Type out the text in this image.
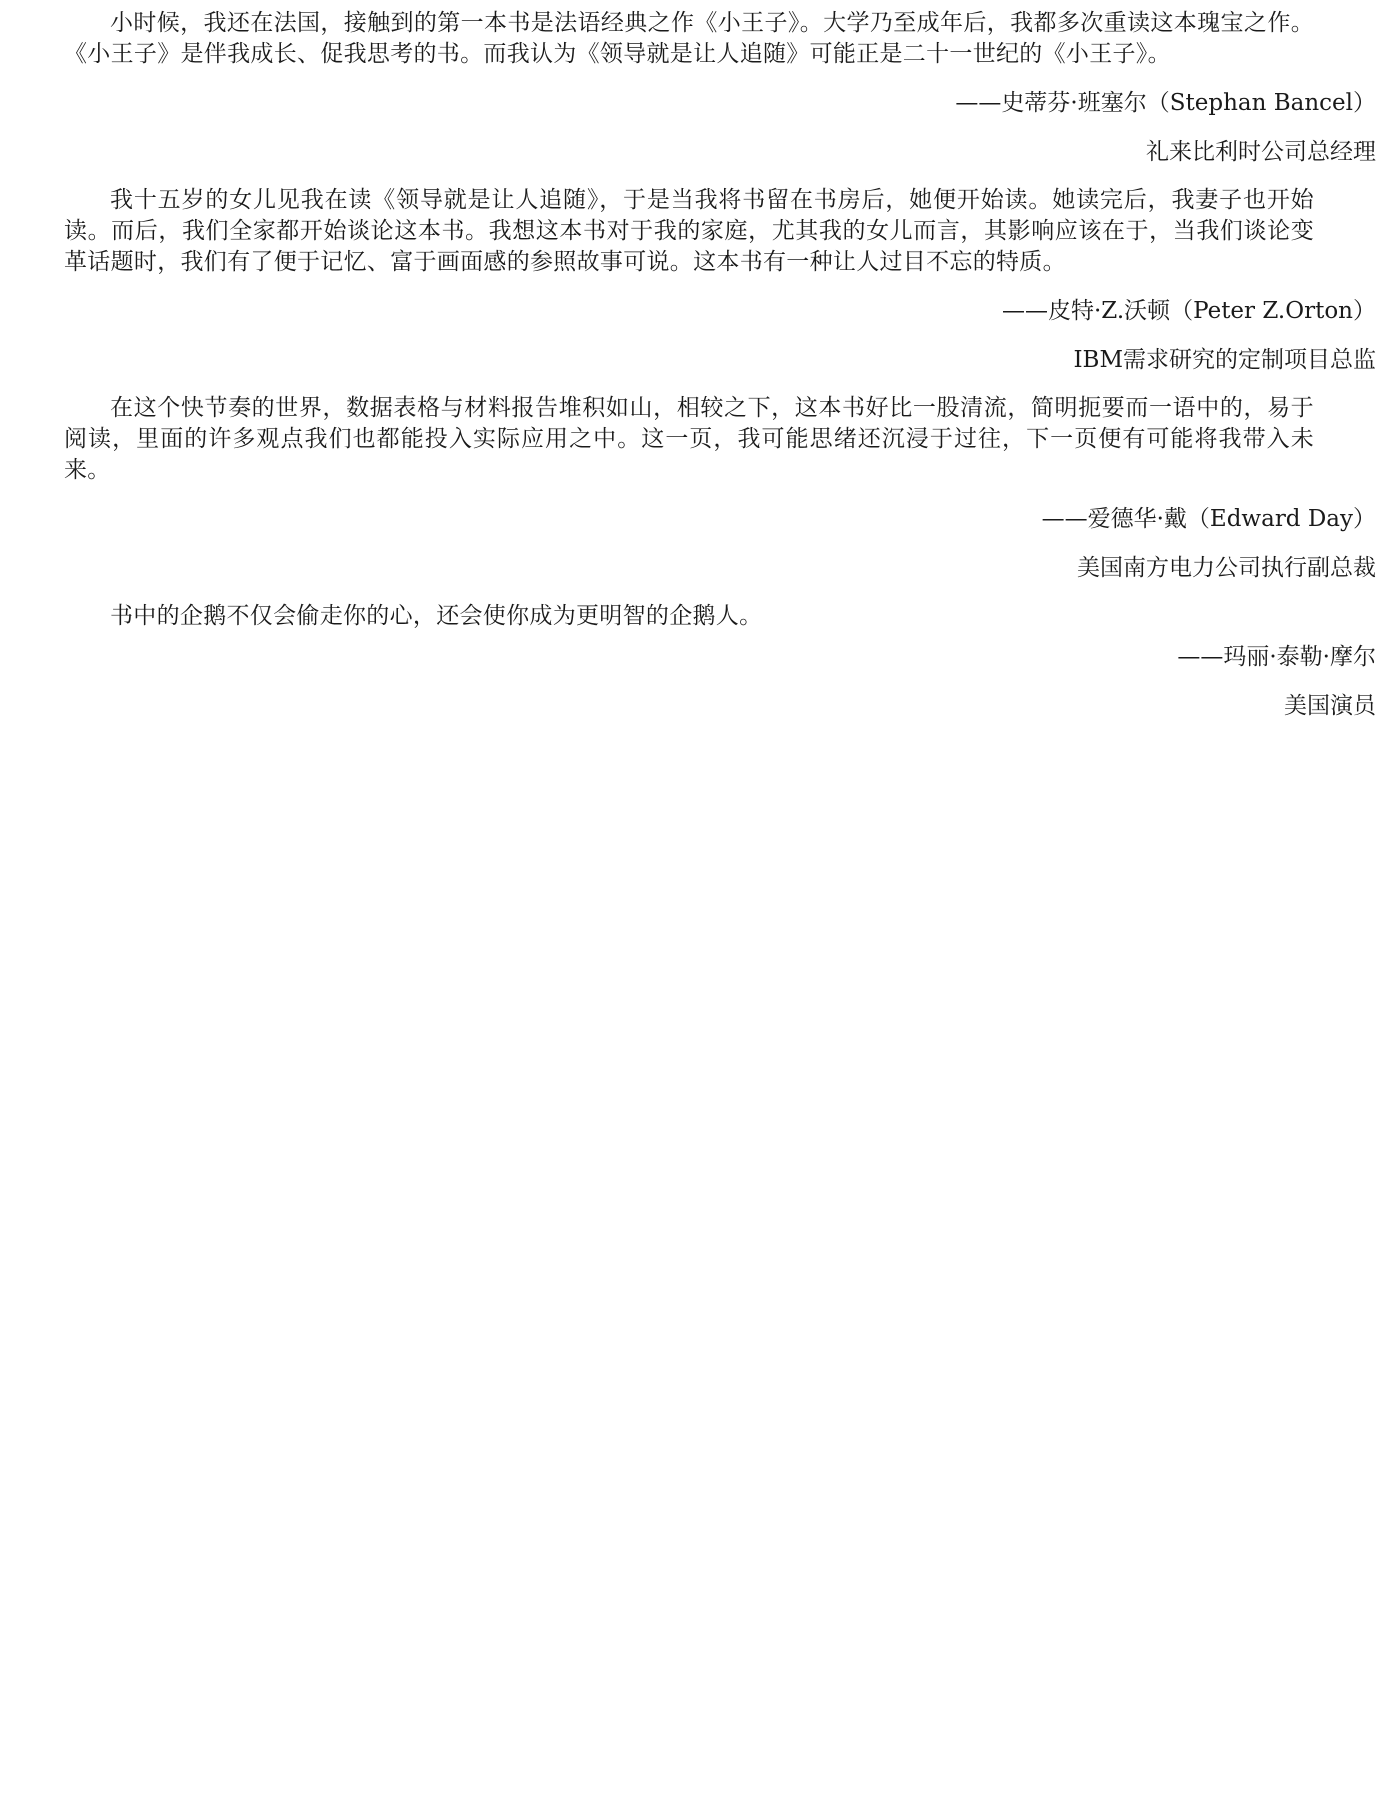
小时候，我还在法国，接触到的第一本书是法语经典之作《小王子》。大学乃至成年后，我都多次重读这本瑰宝之作。《小王子》是伴我成长、促我思考的书。而我认为《领导就是让人追随》可能正是二十一世纪的《小王子》。

——史蒂芬·班塞尔（Stephan Bancel）

礼来比利时公司总经理

我十五岁的女儿见我在读《领导就是让人追随》，于是当我将书留在书房后，她便开始读。她读完后，我妻子也开始读。而后，我们全家都开始谈论这本书。我想这本书对于我的家庭，尤其我的女儿而言，其影响应该在于，当我们谈论变革话题时，我们有了便于记忆、富于画面感的参照故事可说。这本书有一种让人过目不忘的特质。

——皮特·Z.沃顿（Peter Z.Orton）

IBM需求研究的定制项目总监

在这个快节奏的世界，数据表格与材料报告堆积如山，相较之下，这本书好比一股清流，简明扼要而一语中的，易于阅读，里面的许多观点我们也都能投入实际应用之中。这一页，我可能思绪还沉浸于过往，下一页便有可能将我带入未来。

——爱德华·戴（Edward Day）

美国南方电力公司执行副总裁

书中的企鹅不仅会偷走你的心，还会使你成为更明智的企鹅人。

——玛丽·泰勒·摩尔

美国演员
